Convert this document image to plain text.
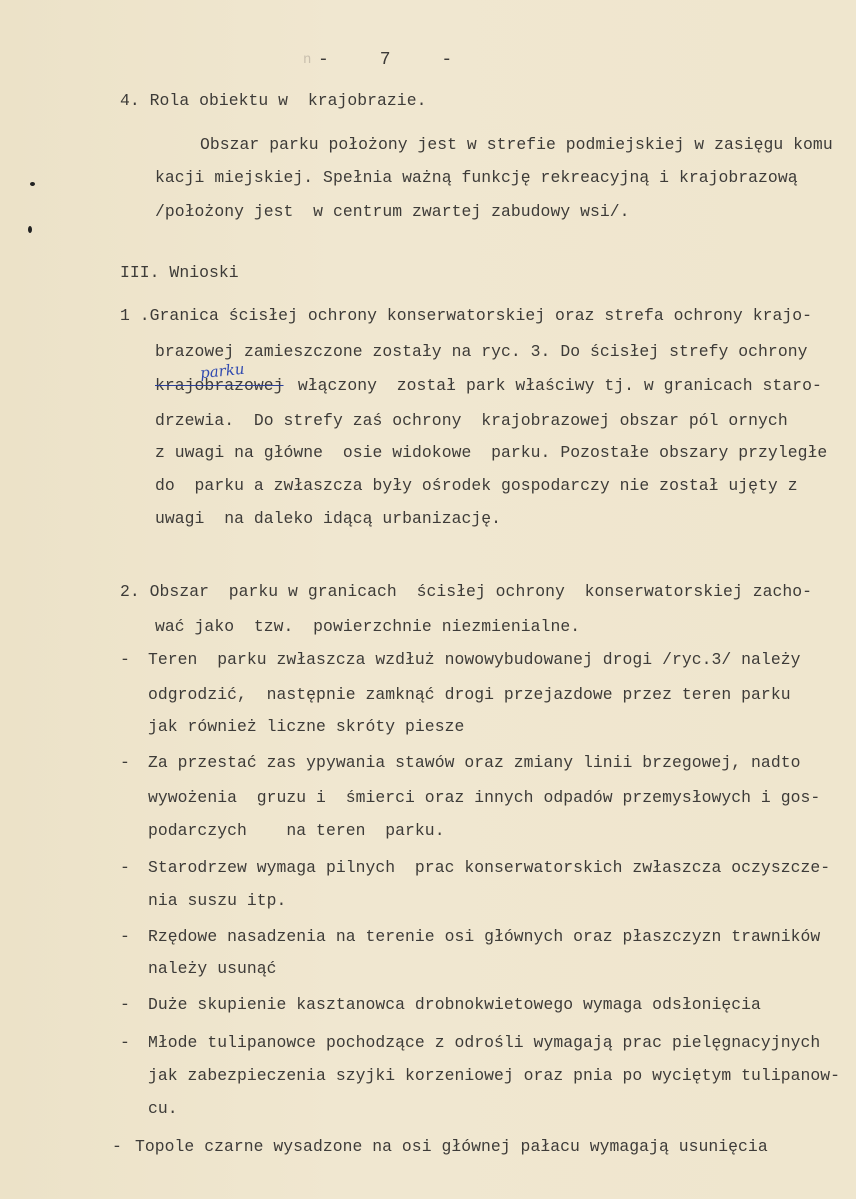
n - 7 -
4. Rola obiektu w  krajobrazie.
Obszar parku położony jest w strefie podmiejskiej w zasięgu komu
kacji miejskiej. Spełnia ważną funkcję rekreacyjną i krajobrazową
/położony jest  w centrum zwartej zabudowy wsi/.
III. Wnioski
1 .Granica ścisłej ochrony konserwatorskiej oraz strefa ochrony krajo-
brazowej zamieszczone zostały na ryc. 3. Do ścisłej strefy ochrony
krajobrazowej włączony  został park właściwy tj. w granicach staro-
parku
drzewia.  Do strefy zaś ochrony  krajobrazowej obszar pól ornych
z uwagi na główne  osie widokowe  parku. Pozostałe obszary przyległe
do  parku a zwłaszcza były ośrodek gospodarczy nie został ujęty z
uwagi  na daleko idącą urbanizację.
2. Obszar  parku w granicach  ścisłej ochrony  konserwatorskiej zacho-
wać jako  tzw.  powierzchnie niezmienialne.
- Teren  parku zwłaszcza wzdłuż nowowybudowanej drogi /ryc.3/ należy
odgrodzić,  następnie zamknąć drogi przejazdowe przez teren parku
jak również liczne skróty piesze
- Za przestać zas ypywania stawów oraz zmiany linii brzegowej, nadto
wywożenia  gruzu i  śmierci oraz innych odpadów przemysłowych i gos-
podarczych    na teren  parku.
- Starodrzew wymaga pilnych  prac konserwatorskich zwłaszcza oczyszcze-
nia suszu itp.
- Rzędowe nasadzenia na terenie osi głównych oraz płaszczyzn trawników
należy usunąć
- Duże skupienie kasztanowca drobnokwietowego wymaga odsłonięcia
- Młode tulipanowce pochodzące z odrośli wymagają prac pielęgnacyjnych
jak zabezpieczenia szyjki korzeniowej oraz pnia po wyciętym tulipanow-
cu.
- Topole czarne wysadzone na osi głównej pałacu wymagają usunięcia
